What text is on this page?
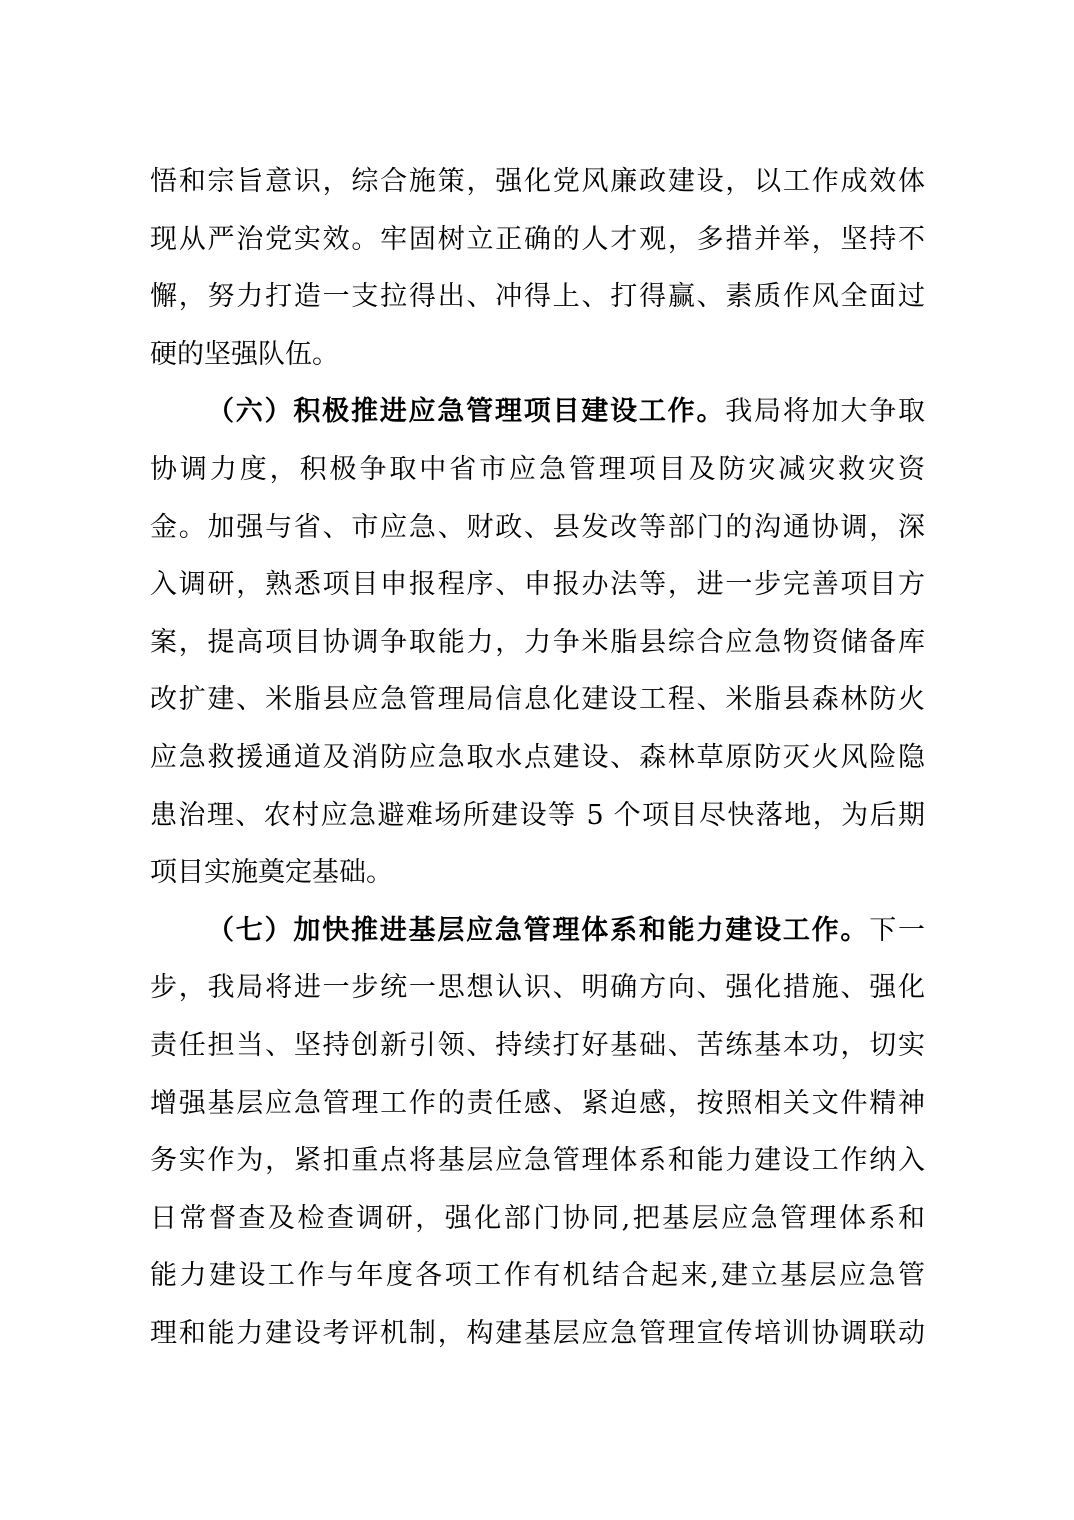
悟和宗旨意识，综合施策，强化党风廉政建设，以工作成效体
现从严治党实效。牢固树立正确的人才观，多措并举，坚持不
懈，努力打造一支拉得出、冲得上、打得赢、素质作风全面过
硬的坚强队伍。
（六）积极推进应急管理项目建设工作。我局将加大争取
协调力度，积极争取中省市应急管理项目及防灾减灾救灾资
金。加强与省、市应急、财政、县发改等部门的沟通协调，深
入调研，熟悉项目申报程序、申报办法等，进一步完善项目方
案，提高项目协调争取能力，力争米脂县综合应急物资储备库
改扩建、米脂县应急管理局信息化建设工程、米脂县森林防火
应急救援通道及消防应急取水点建设、森林草原防灭火风险隐
患治理、农村应急避难场所建设等 5 个项目尽快落地，为后期
项目实施奠定基础。
（七）加快推进基层应急管理体系和能力建设工作。下一
步，我局将进一步统一思想认识、明确方向、强化措施、强化
责任担当、坚持创新引领、持续打好基础、苦练基本功，切实
增强基层应急管理工作的责任感、紧迫感，按照相关文件精神
务实作为，紧扣重点将基层应急管理体系和能力建设工作纳入
日常督查及检查调研，强化部门协同,把基层应急管理体系和
能力建设工作与年度各项工作有机结合起来,建立基层应急管
理和能力建设考评机制，构建基层应急管理宣传培训协调联动
